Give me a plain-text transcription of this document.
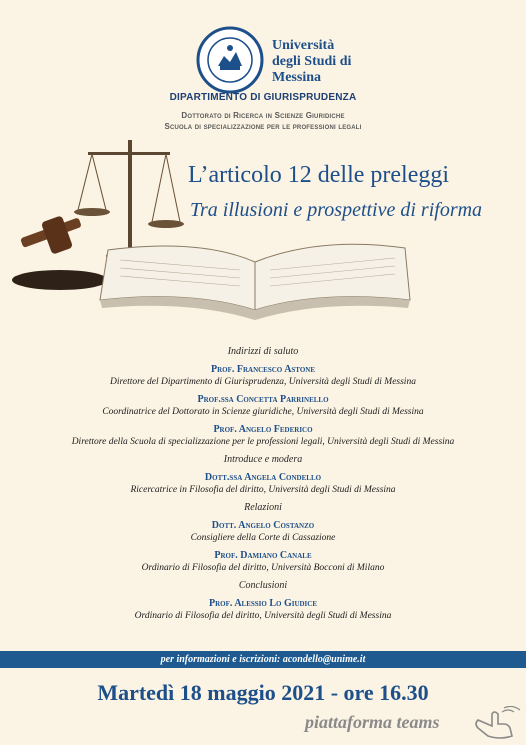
Università
degli Studi di
Messina
DIPARTIMENTO DI GIURISPRUDENZA
Dottorato di Ricerca in Scienze Giuridiche
Scuola di specializzazione per le professioni legali
L’articolo 12 delle preleggi
Tra illusioni e prospettive di riforma
Indirizzi di saluto
Prof. Francesco Astone
Direttore del Dipartimento di Giurisprudenza, Università degli Studi di Messina
Prof.ssa Concetta Parrinello
Coordinatrice del Dottorato in Scienze giuridiche, Università degli Studi di Messina
Prof. Angelo Federico
Direttore della Scuola di specializzazione per le professioni legali, Università degli Studi di Messina
Introduce e modera
Dott.ssa Angela Condello
Ricercatrice in Filosofia del diritto, Università degli Studi di Messina
Relazioni
Dott. Angelo Costanzo
Consigliere della Corte di Cassazione
Prof. Damiano Canale
Ordinario di Filosofia del diritto, Università Bocconi di Milano
Conclusioni
Prof. Alessio Lo Giudice
Ordinario di Filosofia del diritto, Università degli Studi di Messina
per informazioni e iscrizioni: acondello@unime.it
Martedì 18 maggio 2021 - ore 16.30
piattaforma teams
